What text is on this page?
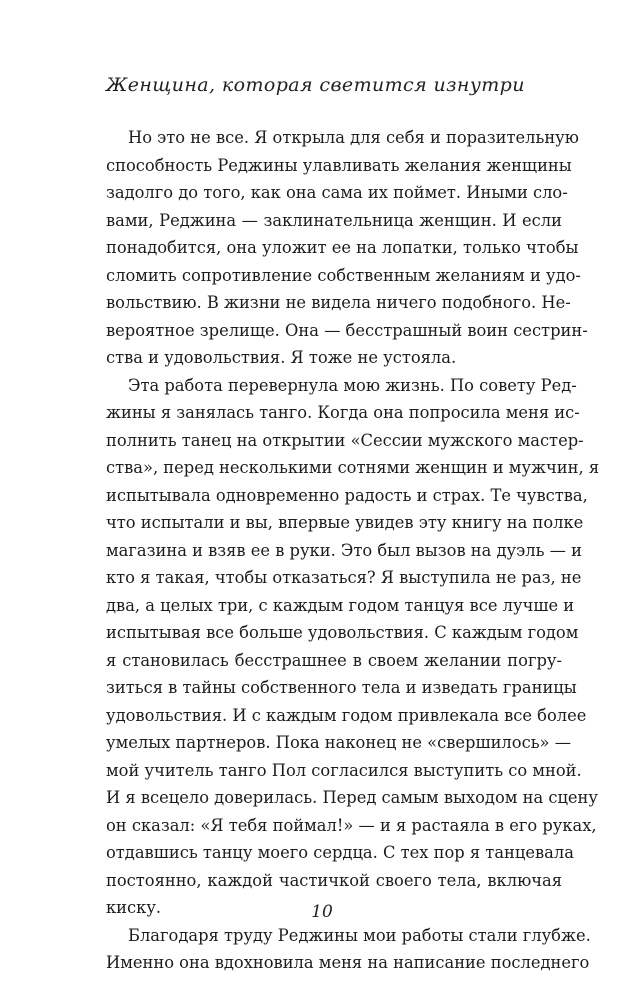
Женщина, которая светится изнутри
Но это не все. Я открыла для себя и поразительную
способность Реджины улавливать желания женщины
задолго до того, как она сама их поймет. Иными сло-
вами, Реджина — заклинательница женщин. И если
понадобится, она уложит ее на лопатки, только чтобы
сломить сопротивление собственным желаниям и удо-
вольствию. В жизни не видела ничего подобного. Не-
вероятное зрелище. Она — бесстрашный воин сестрин-
ства и удовольствия. Я тоже не устояла.
Эта работа перевернула мою жизнь. По совету Ред-
жины я занялась танго. Когда она попросила меня ис-
полнить танец на открытии «Сессии мужского мастер-
ства», перед несколькими сотнями женщин и мужчин, я
испытывала одновременно радость и страх. Те чувства,
что испытали и вы, впервые увидев эту книгу на полке
магазина и взяв ее в руки. Это был вызов на дуэль — и
кто я такая, чтобы отказаться? Я выступила не раз, не
два, а целых три, с каждым годом танцуя все лучше и
испытывая все больше удовольствия. С каждым годом
я становилась бесстрашнее в своем желании погру-
зиться в тайны собственного тела и изведать границы
удовольствия. И с каждым годом привлекала все более
умелых партнеров. Пока наконец не «свершилось» —
мой учитель танго Пол согласился выступить со мной.
И я всецело доверилась. Перед самым выходом на сцену
он сказал: «Я тебя поймал!» — и я растаяла в его руках,
отдавшись танцу моего сердца. С тех пор я танцевала
постоянно, каждой частичкой своего тела, включая
киску.
Благодаря труду Реджины мои работы стали глубже.
Именно она вдохновила меня на написание последнего
10
